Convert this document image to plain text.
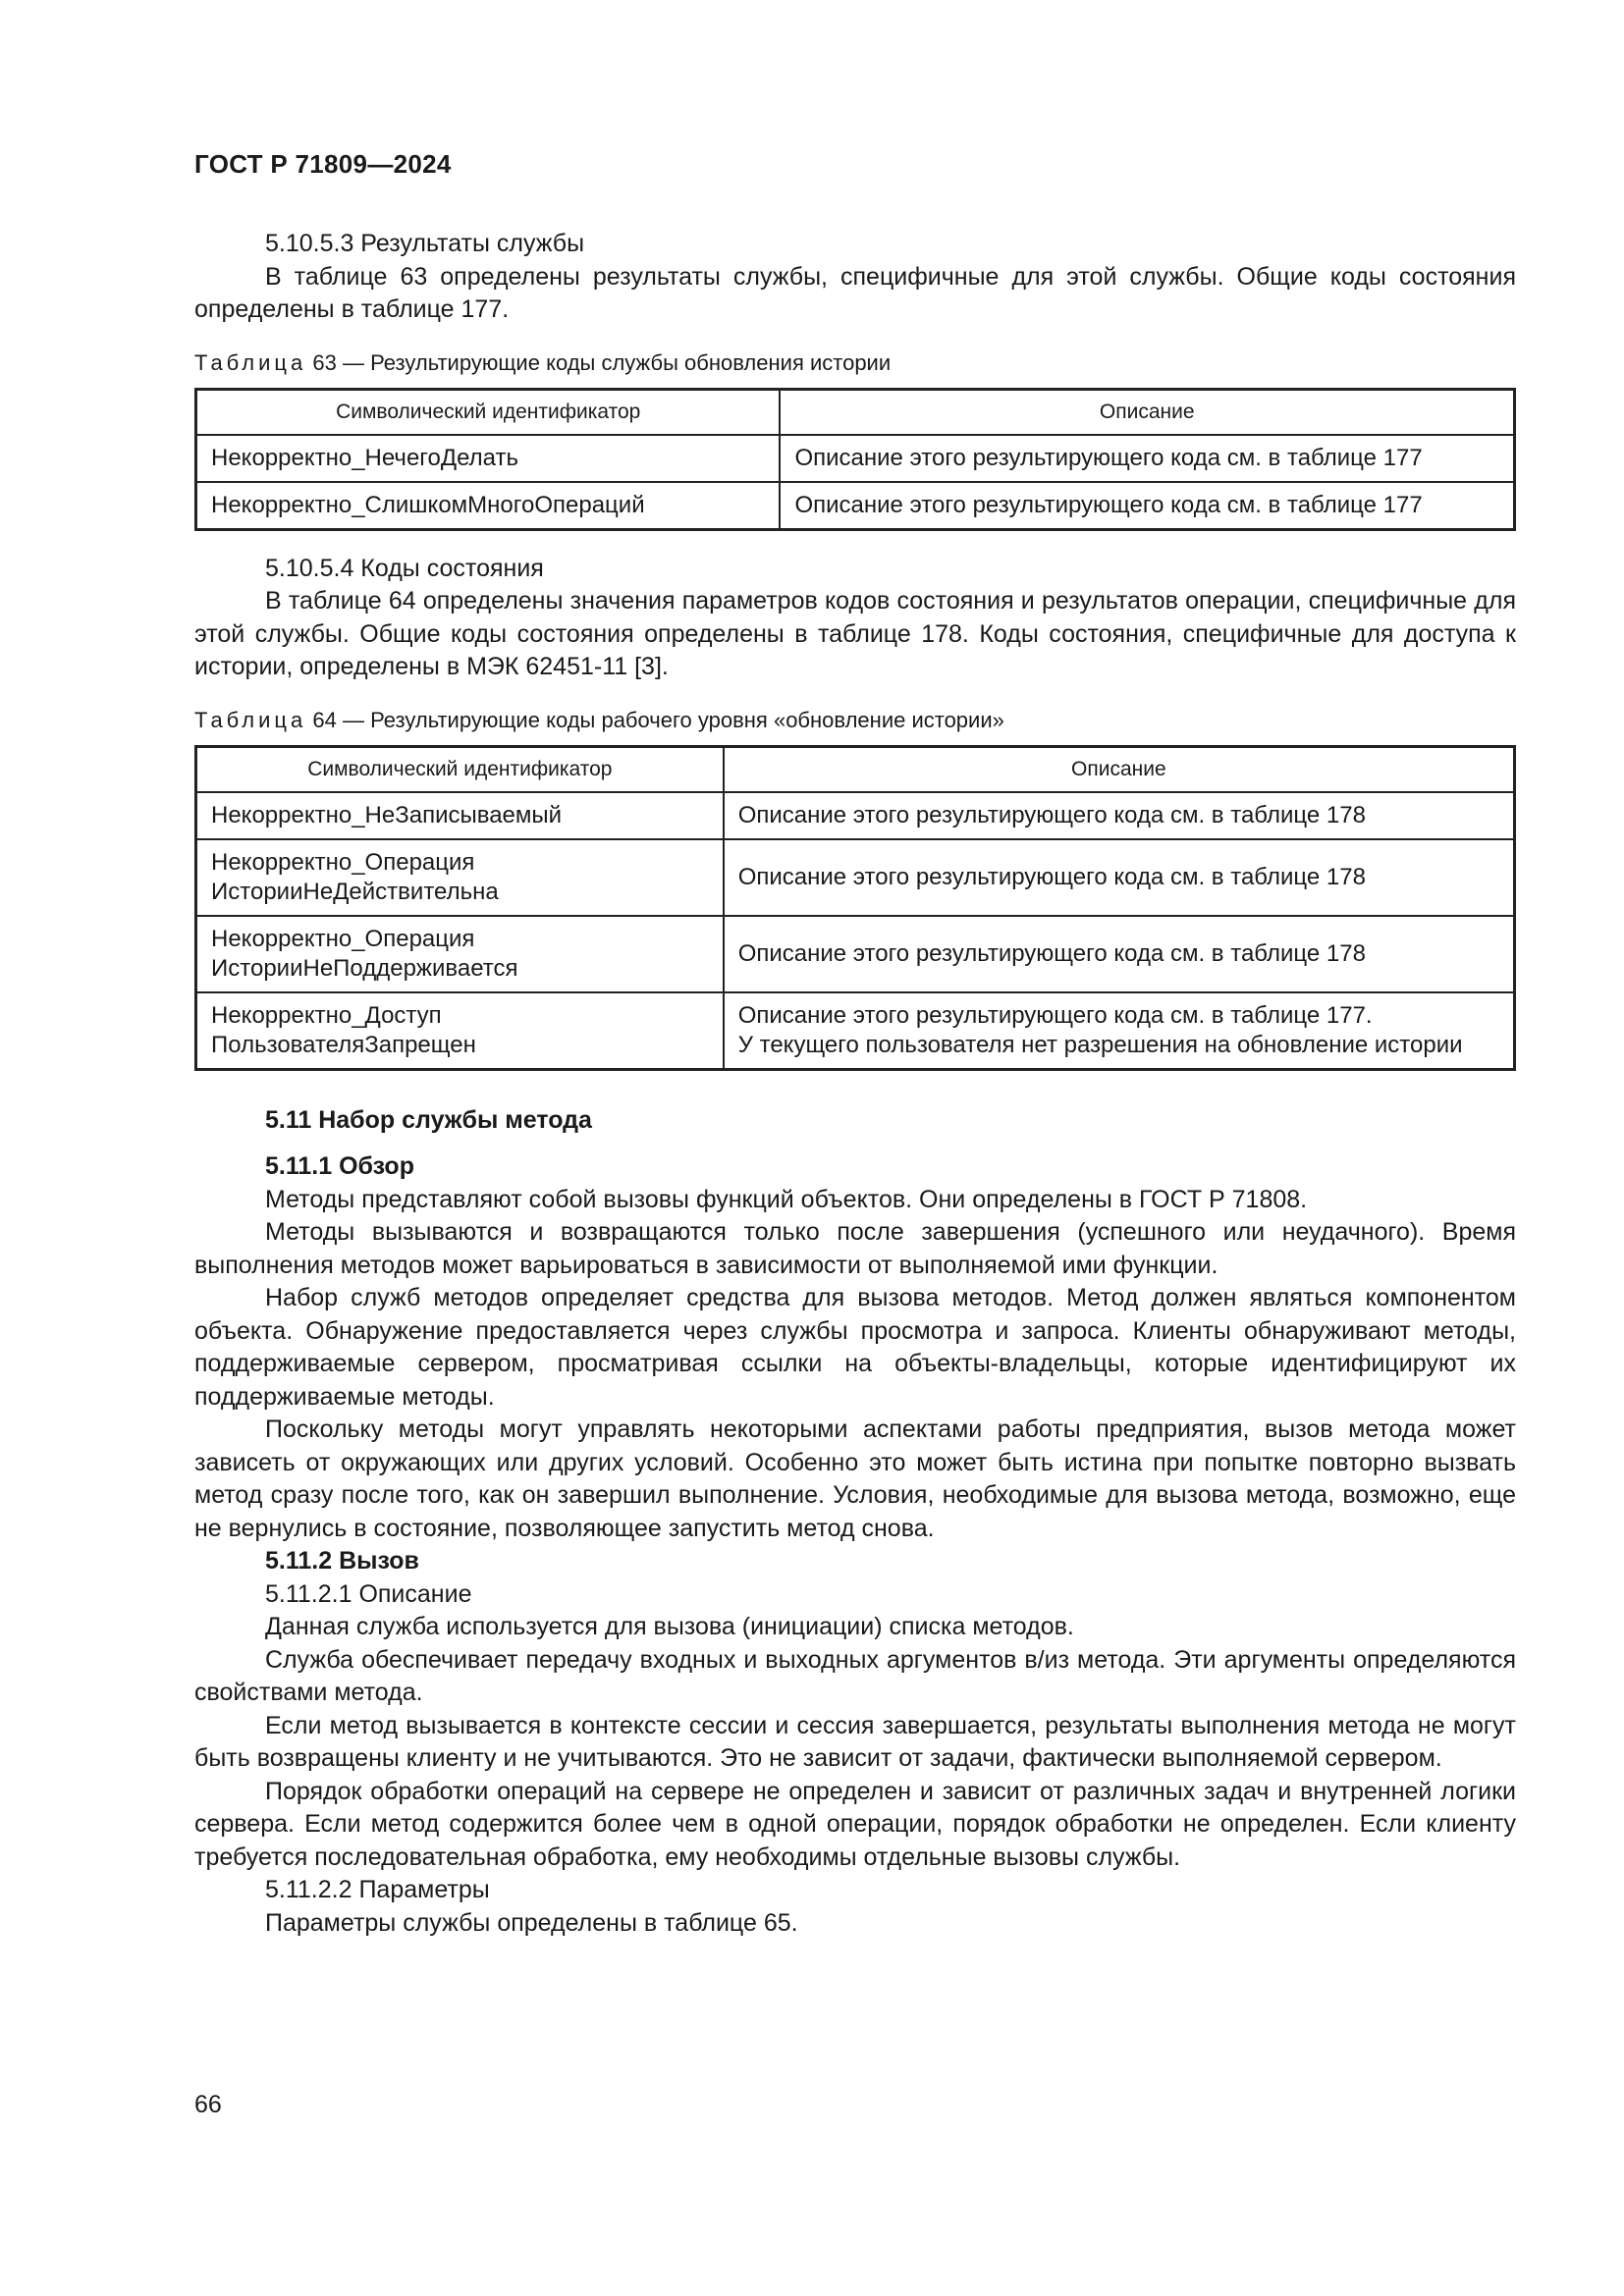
ГОСТ Р 71809—2024

5.10.5.3 Результаты службы

В таблице 63 определены результаты службы, специфичные для этой службы. Общие коды состояния определены в таблице 177.

Таблица 63 — Результирующие коды службы обновления истории

Символический идентификатор	Описание
Некорректно_НечегоДелать	Описание этого результирующего кода см. в таблице 177
Некорректно_СлишкомМногоОпераций	Описание этого результирующего кода см. в таблице 177

5.10.5.4 Коды состояния

В таблице 64 определены значения параметров кодов состояния и результатов операции, специфичные для этой службы. Общие коды состояния определены в таблице 178. Коды состояния, специфичные для доступа к истории, определены в МЭК 62451-11 [3].

Таблица 64 — Результирующие коды рабочего уровня «обновление истории»

Символический идентификатор	Описание
Некорректно_НеЗаписываемый	Описание этого результирующего кода см. в таблице 178
Некорректно_Операция
ИсторииНеДействительна	Описание этого результирующего кода см. в таблице 178
Некорректно_Операция
ИсторииНеПоддерживается	Описание этого результирующего кода см. в таблице 178
Некорректно_Доступ
ПользователяЗапрещен	Описание этого результирующего кода см. в таблице 177.
У текущего пользователя нет разрешения на обновление истории

5.11 Набор службы метода

5.11.1 Обзор

Методы представляют собой вызовы функций объектов. Они определены в ГОСТ Р 71808.

Методы вызываются и возвращаются только после завершения (успешного или неудачного). Время выполнения методов может варьироваться в зависимости от выполняемой ими функции.

Набор служб методов определяет средства для вызова методов. Метод должен являться компонентом объекта. Обнаружение предоставляется через службы просмотра и запроса. Клиенты обнаруживают методы, поддерживаемые сервером, просматривая ссылки на объекты-владельцы, которые идентифицируют их поддерживаемые методы.

Поскольку методы могут управлять некоторыми аспектами работы предприятия, вызов метода может зависеть от окружающих или других условий. Особенно это может быть истина при попытке повторно вызвать метод сразу после того, как он завершил выполнение. Условия, необходимые для вызова метода, возможно, еще не вернулись в состояние, позволяющее запустить метод снова.

5.11.2 Вызов

5.11.2.1 Описание

Данная служба используется для вызова (инициации) списка методов.

Служба обеспечивает передачу входных и выходных аргументов в/из метода. Эти аргументы определяются свойствами метода.

Если метод вызывается в контексте сессии и сессия завершается, результаты выполнения метода не могут быть возвращены клиенту и не учитываются. Это не зависит от задачи, фактически выполняемой сервером.

Порядок обработки операций на сервере не определен и зависит от различных задач и внутренней логики сервера. Если метод содержится более чем в одной операции, порядок обработки не определен. Если клиенту требуется последовательная обработка, ему необходимы отдельные вызовы службы.

5.11.2.2 Параметры

Параметры службы определены в таблице 65.

66
